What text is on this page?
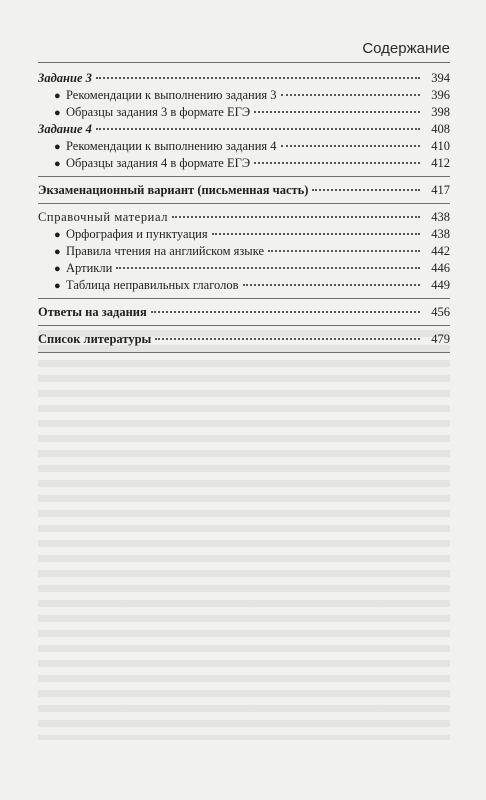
Содержание
Задание 3	394
● Рекомендации к выполнению задания 3	396
● Образцы задания 3 в формате ЕГЭ	398
Задание 4	408
● Рекомендации к выполнению задания 4	410
● Образцы задания 4 в формате ЕГЭ	412
Экзаменационный вариант (письменная часть)	417
Справочный материал	438
● Орфография и пунктуация	438
● Правила чтения на английском языке	442
● Артикли	446
● Таблица неправильных глаголов	449
Ответы на задания	456
Список литературы	479
